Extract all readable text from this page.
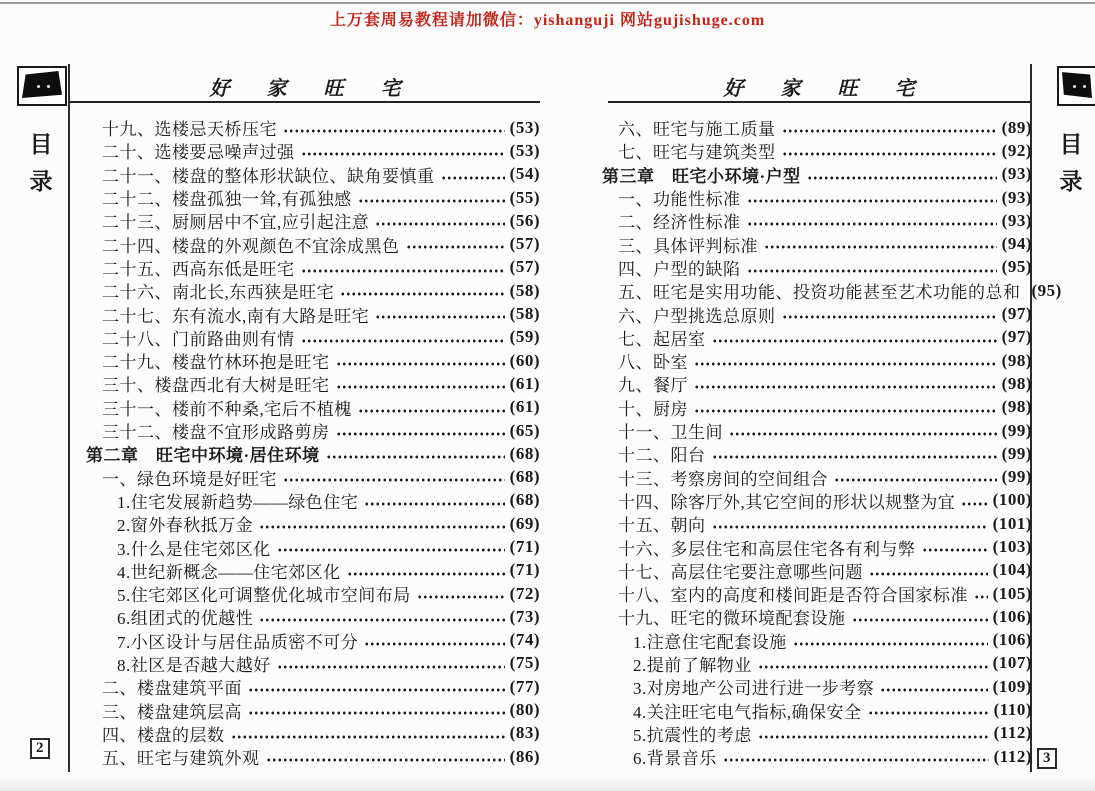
上万套周易教程请加微信：yishanguji 网站gujishuge.com
目
录
2
目
录
3
好 家 旺 宅	好 家 旺 宅
十九、选楼忌天桥压宅	(53)
二十、选楼要忌噪声过强	(53)
二十一、楼盘的整体形状缺位、缺角要慎重	(54)
二十二、楼盘孤独一耸,有孤独感	(55)
二十三、厨厕居中不宜,应引起注意	(56)
二十四、楼盘的外观颜色不宜涂成黑色	(57)
二十五、西高东低是旺宅	(57)
二十六、南北长,东西狭是旺宅	(58)
二十七、东有流水,南有大路是旺宅	(58)
二十八、门前路曲则有情	(59)
二十九、楼盘竹林环抱是旺宅	(60)
三十、楼盘西北有大树是旺宅	(61)
三十一、楼前不种桑,宅后不植槐	(61)
三十二、楼盘不宜形成路剪房	(65)
第二章　旺宅中环境·居住环境	(68)
一、绿色环境是好旺宅	(68)
1.住宅发展新趋势——绿色住宅	(68)
2.窗外春秋抵万金	(69)
3.什么是住宅郊区化	(71)
4.世纪新概念——住宅郊区化	(71)
5.住宅郊区化可调整优化城市空间布局	(72)
6.组团式的优越性	(73)
7.小区设计与居住品质密不可分	(74)
8.社区是否越大越好	(75)
二、楼盘建筑平面	(77)
三、楼盘建筑层高	(80)
四、楼盘的层数	(83)
五、旺宅与建筑外观	(86)
六、旺宅与施工质量	(89)
七、旺宅与建筑类型	(92)
第三章　旺宅小环境·户型	(93)
一、功能性标准	(93)
二、经济性标准	(93)
三、具体评判标准	(94)
四、户型的缺陷	(95)
五、旺宅是实用功能、投资功能甚至艺术功能的总和 (95)
六、户型挑选总原则	(97)
七、起居室	(97)
八、卧室	(98)
九、餐厅	(98)
十、厨房	(98)
十一、卫生间	(99)
十二、阳台	(99)
十三、考察房间的空间组合	(99)
十四、除客厅外,其它空间的形状以规整为宜 (100)
十五、朝向	(101)
十六、多层住宅和高层住宅各有利与弊	(103)
十七、高层住宅要注意哪些问题	(104)
十八、室内的高度和楼间距是否符合国家标准 (105)
十九、旺宅的微环境配套设施	(106)
1.注意住宅配套设施	(106)
2.提前了解物业	(107)
3.对房地产公司进行进一步考察	(109)
4.关注旺宅电气指标,确保安全	(110)
5.抗震性的考虑	(112)
6.背景音乐	(112)
